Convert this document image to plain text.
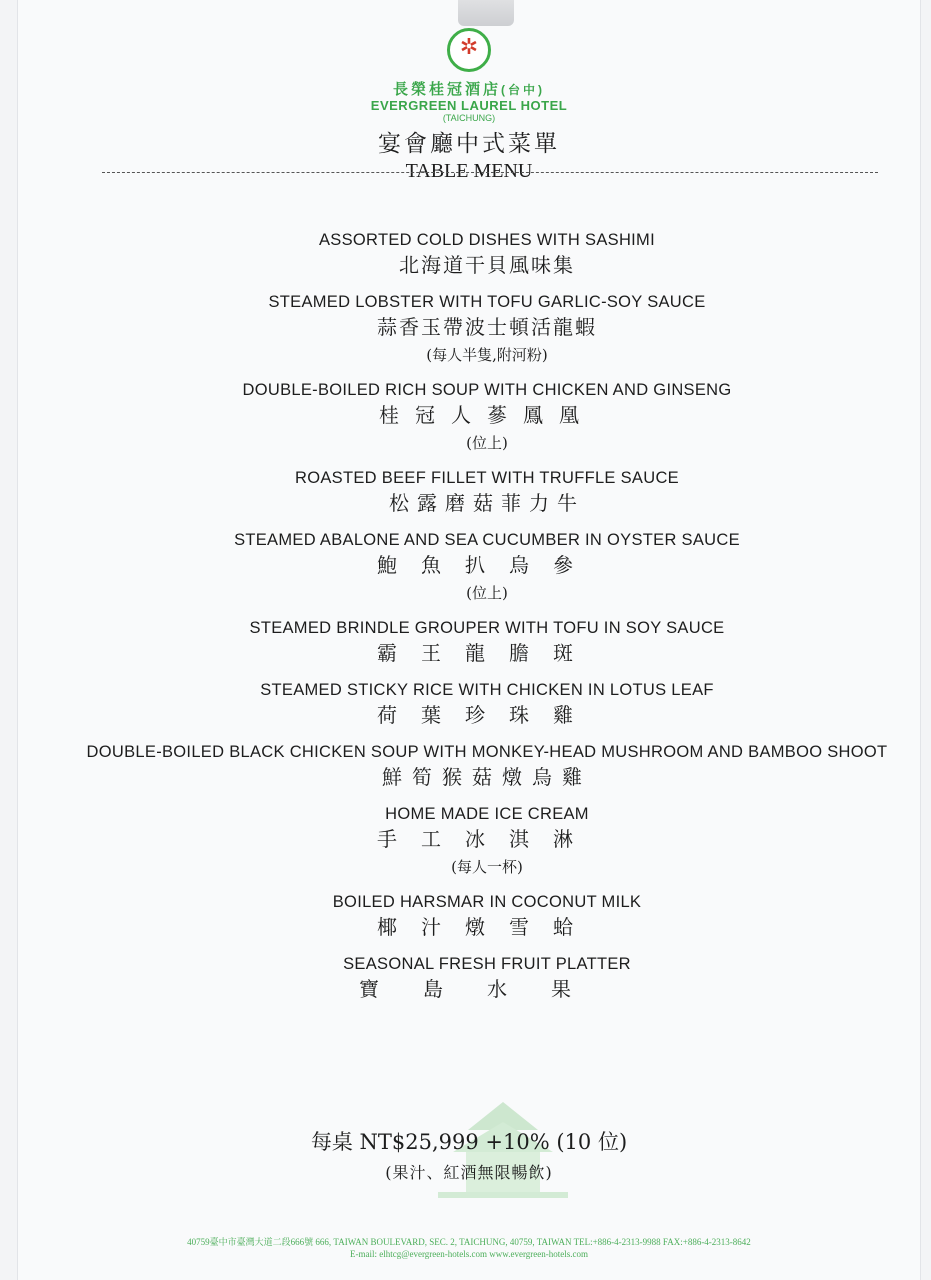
✲
長榮桂冠酒店(台中)
EVERGREEN LAUREL HOTEL
(TAICHUNG)
宴會廳中式菜單
TABLE MENU
ASSORTED COLD DISHES WITH SASHIMI
北海道干貝風味集
STEAMED LOBSTER WITH TOFU GARLIC-SOY SAUCE
蒜香玉帶波士頓活龍蝦
(每人半隻,附河粉)
DOUBLE-BOILED RICH SOUP WITH CHICKEN AND GINSENG
桂冠人蔘鳳凰
(位上)
ROASTED BEEF FILLET WITH TRUFFLE SAUCE
松露磨菇菲力牛
STEAMED ABALONE AND SEA CUCUMBER IN OYSTER SAUCE
鮑魚扒烏參
(位上)
STEAMED BRINDLE GROUPER WITH TOFU IN SOY SAUCE
霸王龍膽斑
STEAMED STICKY RICE WITH CHICKEN IN LOTUS LEAF
荷葉珍珠雞
DOUBLE-BOILED BLACK CHICKEN SOUP WITH MONKEY-HEAD MUSHROOM AND BAMBOO SHOOT
鮮筍猴菇燉烏雞
HOME MADE ICE CREAM
手工冰淇淋
(每人一杯)
BOILED HARSMAR IN COCONUT MILK
椰汁燉雪蛤
SEASONAL FRESH FRUIT PLATTER
寶島水果
每桌 NT$25,999 +10% (10 位)
(果汁、紅酒無限暢飲)
40759臺中市臺灣大道二段666號 666, TAIWAN BOULEVARD, SEC. 2, TAICHUNG, 40759, TAIWAN TEL:+886-4-2313-9988 FAX:+886-4-2313-8642
E-mail: elhtcg@evergreen-hotels.com www.evergreen-hotels.com
